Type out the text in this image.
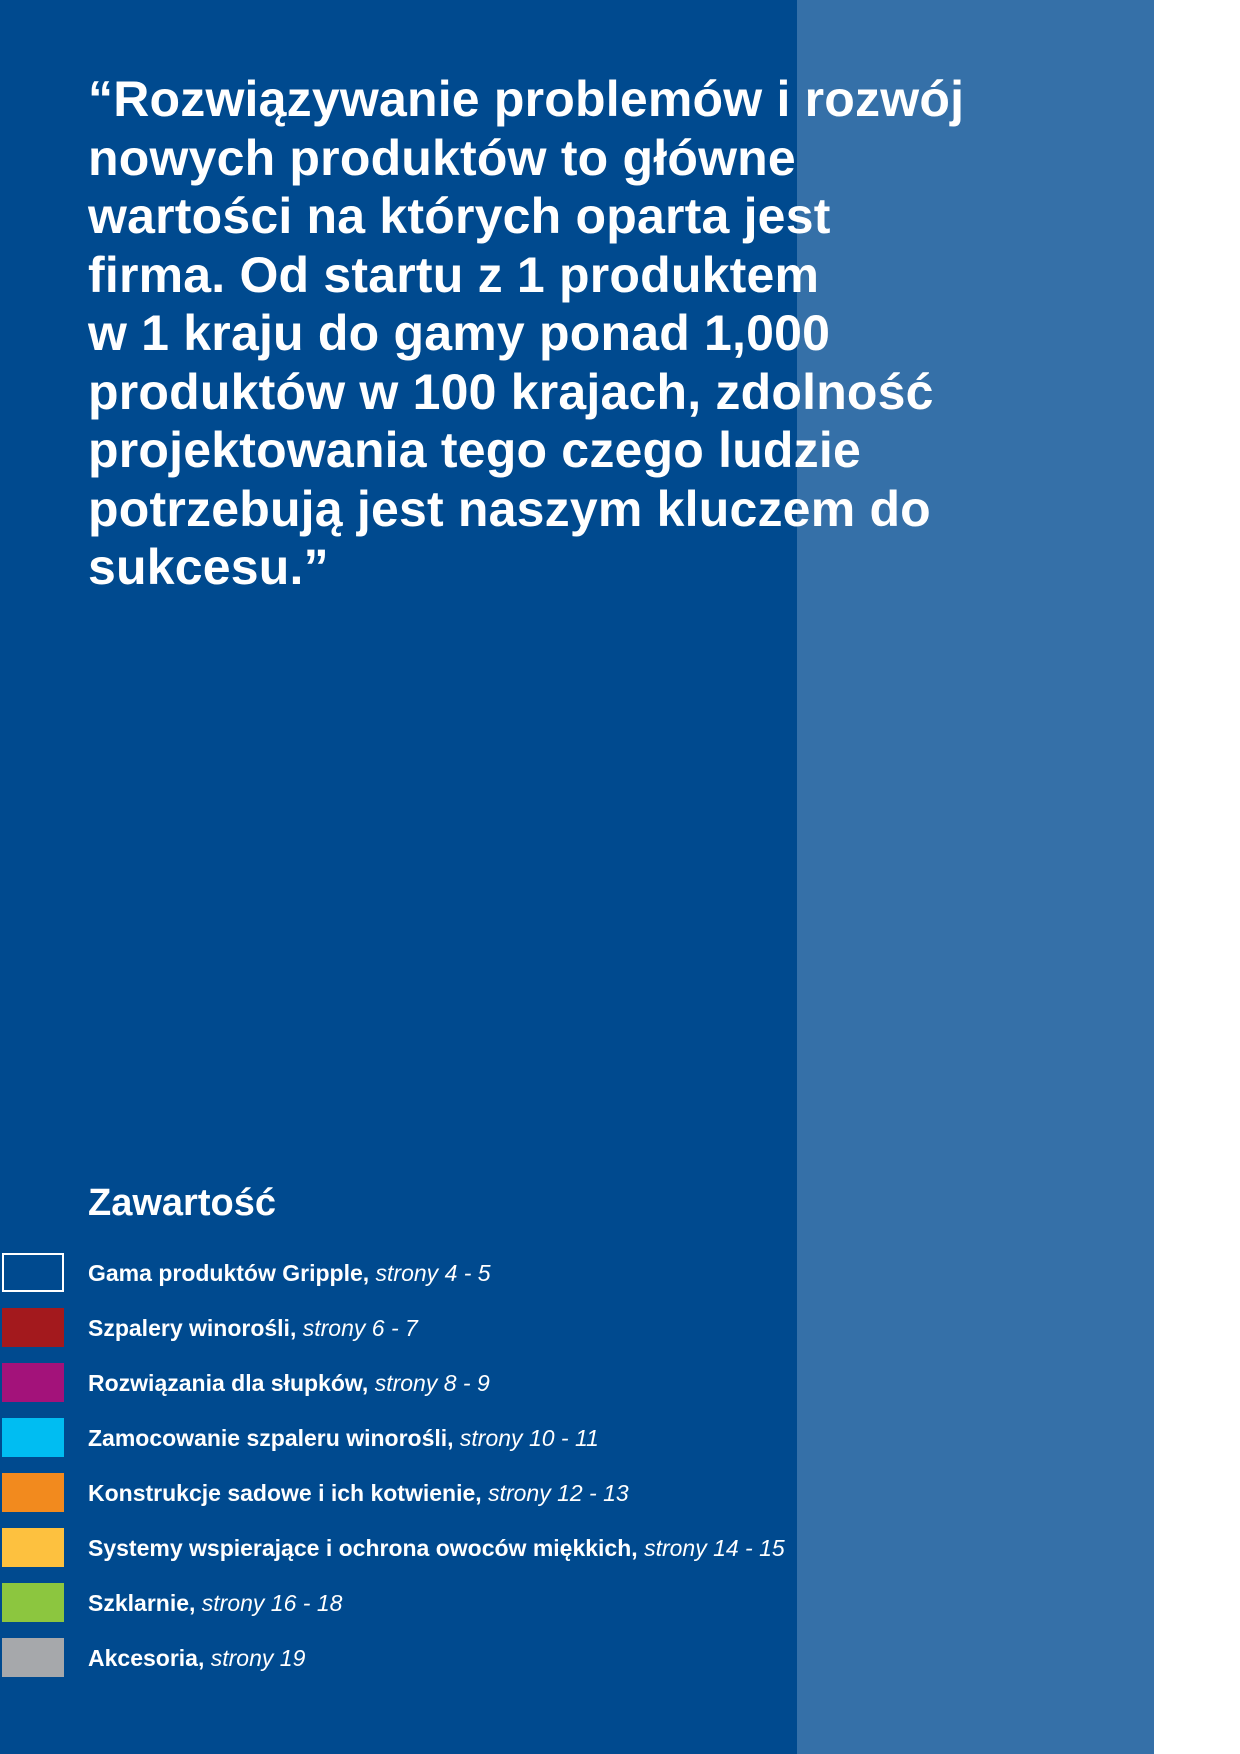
“Rozwiązywanie problemów i rozwój
nowych produktów to główne
wartości na których oparta jest
firma. Od startu z 1 produktem
w 1 kraju do gamy ponad 1,000
produktów w 100 krajach, zdolność
projektowania tego czego ludzie
potrzebują jest naszym kluczem do
sukcesu.”

Zawartość
Gama produktów Gripple, strony 4 - 5
Szpalery winorośli, strony 6 - 7
Rozwiązania dla słupków, strony 8 - 9
Zamocowanie szpaleru winorośli, strony 10 - 11
Konstrukcje sadowe i ich kotwienie, strony 12 - 13
Systemy wspierające i ochrona owoców miękkich, strony 14 - 15
Szklarnie, strony 16 - 18
Akcesoria, strony 19
